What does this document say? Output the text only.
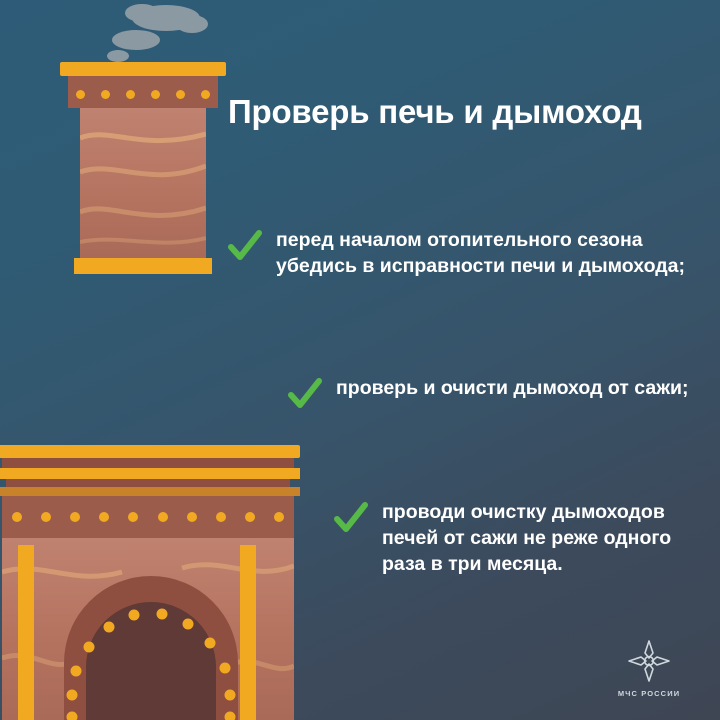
Проверь печь и дымоход
перед началом отопительного сезона убедись в исправности печи и дымохода;
проверь и очисти дымоход от сажи;
проводи очистку дымоходов печей от сажи не реже одного раза в три месяца.
МЧС РОССИИ
